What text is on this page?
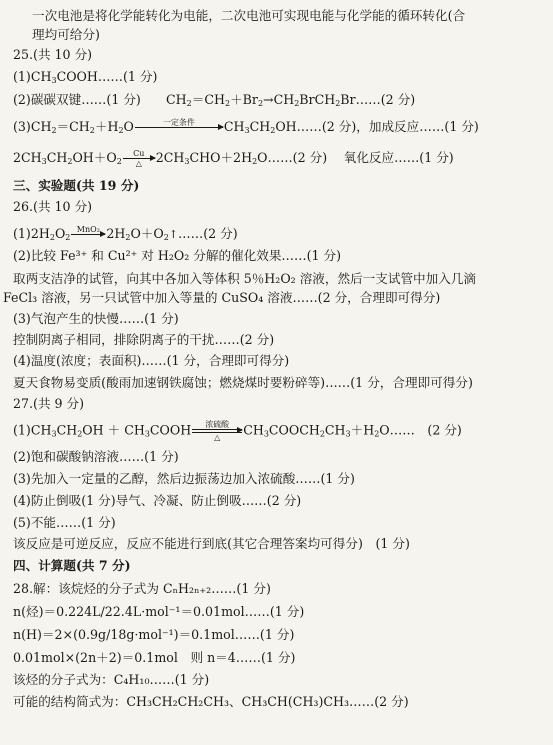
一次电池是将化学能转化为电能，二次电池可实现电能与化学能的循环转化(合
理均可给分)
25.(共 10 分)
$(1)CH_3COOH\dots\dots(1$ 分)
(2)碳碳双键……(1 分)　　$CH_2=CH_2+Br_2\to CH_2BrCH_2Br\dots\dots(2$ 分)
$(3)CH_2=CH_2+H_2O$	一定条件	$CH_3CH_2OH\dots\dots(2$ 分)，加成反应……(1 分)
$2CH_3CH_2OH+O_2$
Cu
△	$2CH_3CHO+2H_2O\dots\dots(2$ 分)　 氧化反应……(1 分)
三、实验题(共 19 分)
26.(共 10 分)
$(1)2H_2O_2$
MnO₂ $2H_2O+O_2↑\dots\dots(2$ 分)
(2)比较 Fe³⁺ 和 Cu²⁺ 对 H₂O₂ 分解的催化效果……(1 分)
取两支洁净的试管，向其中各加入等体积 5％H₂O₂ 溶液，然后一支试管中加入几滴
FeCl₃ 溶液，另一只试管中加入等量的 CuSO₄ 溶液……(2 分，合理即可得分)
(3)气泡产生的快慢……(1 分)
控制阴离子相同，排除阴离子的干扰……(2 分)
(4)温度(浓度；表面积)……(1 分，合理即可得分)
夏天食物易变质(酸雨加速钢铁腐蚀；燃烧煤时要粉碎等)……(1 分，合理即可得分)
27.(共 9 分)
$(1)CH_3CH_2OH$ ＋ $CH_3COOH$	浓硫酸
△	$CH_3COOCH_2CH_3+H_2O\dots\dots$　(2 分)
(2)饱和碳酸钠溶液……(1 分)
(3)先加入一定量的乙醇，然后边振荡边加入浓硫酸……(1 分)
(4)防止倒吸(1 分)导气、冷凝、防止倒吸……(2 分)
(5)不能……(1 分)
该反应是可逆反应，反应不能进行到底(其它合理答案均可得分)　(1 分)
四、计算题(共 7 分)
28.解：该烷烃的分子式为 CₙH₂ₙ₊₂……(1 分)
n(烃)＝0.224L/22.4L·mol⁻¹＝0.01mol……(1 分)
n(H)＝2×(0.9g/18g·mol⁻¹)＝0.1mol……(1 分)
0.01mol×(2n＋2)＝0.1mol　则 n＝4……(1 分)
该烃的分子式为：C₄H₁₀……(1 分)
可能的结构简式为：CH₃CH₂CH₂CH₃、CH₃CH(CH₃)CH₃……(2 分)
